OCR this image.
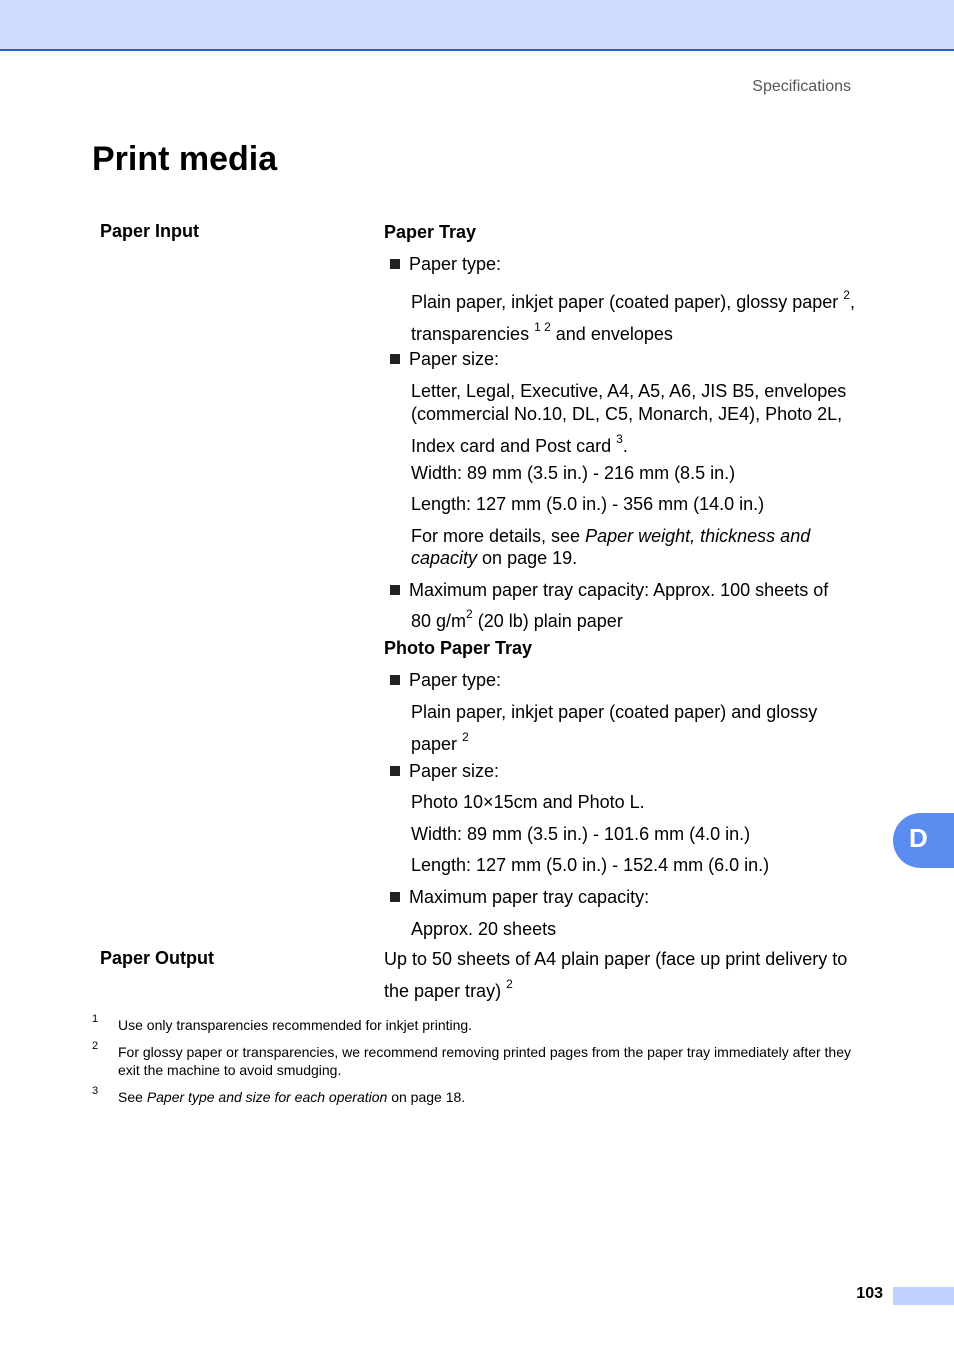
Specifications
Print media
Paper Input
Paper Output
Paper Tray
Paper type:
Plain paper, inkjet paper (coated paper), glossy paper $^2$,
transparencies $^{1 2}$ and envelopes
Paper size:
Letter, Legal, Executive, A4, A5, A6, JIS B5, envelopes
(commercial No.10, DL, C5, Monarch, JE4), Photo 2L,
Index card and Post card $^3$.
Width: 89 mm (3.5 in.) - 216 mm (8.5 in.)
Length: 127 mm (5.0 in.) - 356 mm (14.0 in.)
For more details, see Paper weight, thickness and
capacity on page 19.
Maximum paper tray capacity: Approx. 100 sheets of
80 $g/m^2$ (20 lb) plain paper
Photo Paper Tray
Paper type:
Plain paper, inkjet paper (coated paper) and glossy
paper $^2$
Paper size:
Photo 10×15cm and Photo L.
Width: 89 mm (3.5 in.) - 101.6 mm (4.0 in.)
Length: 127 mm (5.0 in.) - 152.4 mm (6.0 in.)
Maximum paper tray capacity:
Approx. 20 sheets
Up to 50 sheets of A4 plain paper (face up print delivery to
the paper tray) $^2$
1 Use only transparencies recommended for inkjet printing.
2 For glossy paper or transparencies, we recommend removing printed pages from the paper tray immediately after they
exit the machine to avoid smudging.
3 See Paper type and size for each operation on page 18.
D
103
